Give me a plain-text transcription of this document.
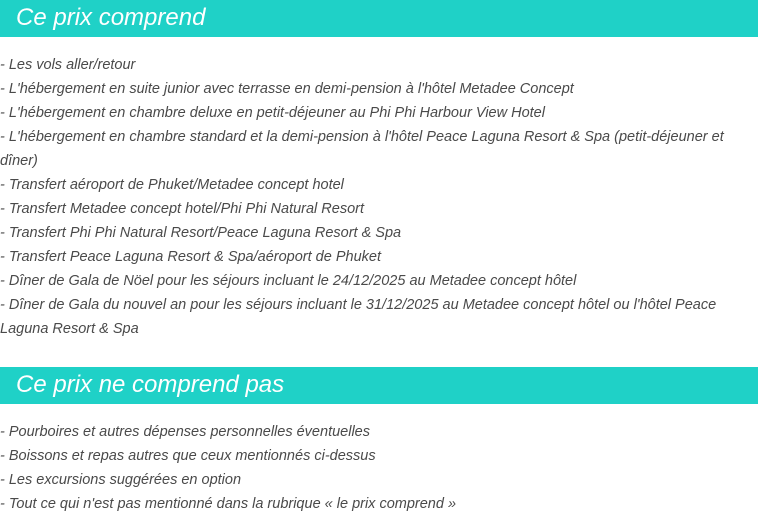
Ce prix comprend
- Les vols aller/retour
- L'hébergement en suite junior avec terrasse en demi-pension à l'hôtel Metadee Concept
- L'hébergement en chambre deluxe en petit-déjeuner au Phi Phi Harbour View Hotel
- L'hébergement en chambre standard et la demi-pension à l'hôtel Peace Laguna Resort & Spa (petit-déjeuner et dîner)
- Transfert aéroport de Phuket/Metadee concept hotel
- Transfert Metadee concept hotel/Phi Phi Natural Resort
- Transfert Phi Phi Natural Resort/Peace Laguna Resort & Spa
- Transfert Peace Laguna Resort & Spa/aéroport de Phuket
- Dîner de Gala de Nöel pour les séjours incluant le 24/12/2025 au Metadee concept hôtel
- Dîner de Gala du nouvel an pour les séjours incluant le 31/12/2025 au Metadee concept hôtel ou l'hôtel Peace Laguna Resort & Spa
Ce prix ne comprend pas
- Pourboires et autres dépenses personnelles éventuelles
- Boissons et repas autres que ceux mentionnés ci-dessus
- Les excursions suggérées en option
- Tout ce qui n'est pas mentionné dans la rubrique « le prix comprend »
